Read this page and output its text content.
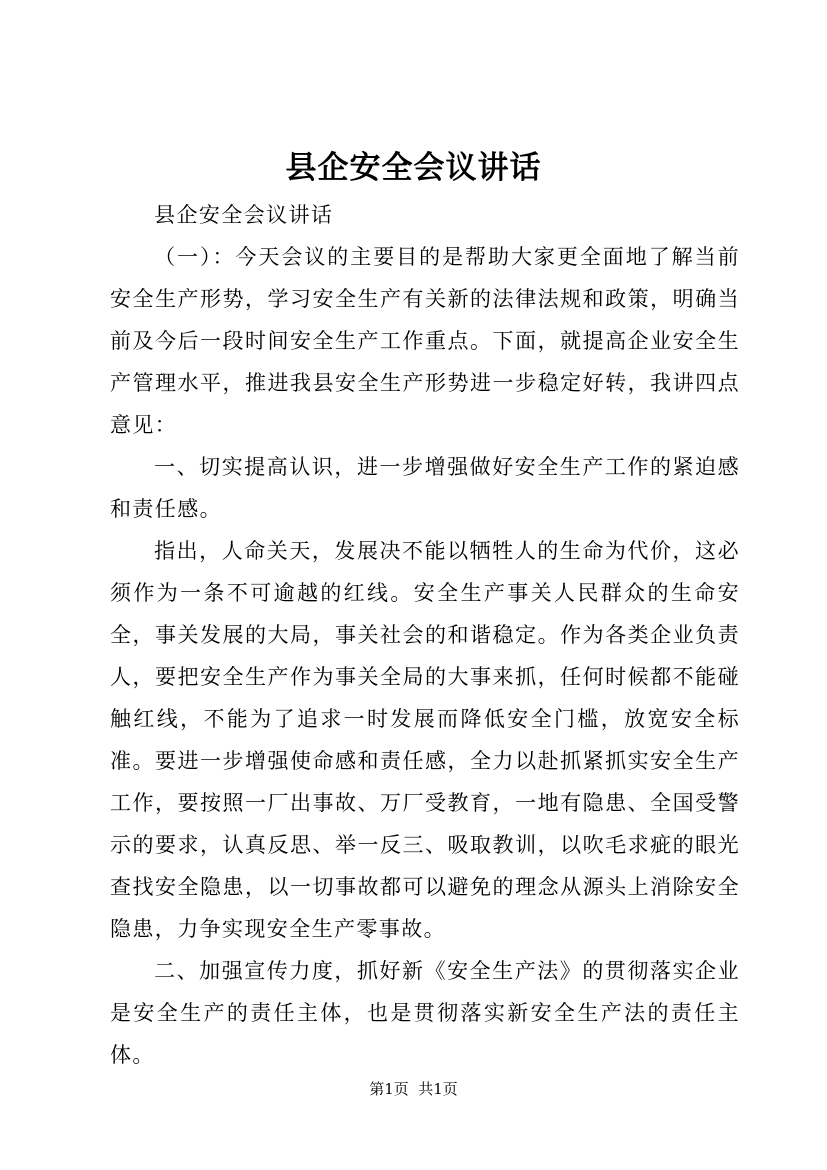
县企安全会议讲话

县企安全会议讲话

（一）：今天会议的主要目的是帮助大家更全面地了解当前安全生产形势，学习安全生产有关新的法律法规和政策，明确当前及今后一段时间安全生产工作重点。下面，就提高企业安全生产管理水平，推进我县安全生产形势进一步稳定好转，我讲四点意见：

一、切实提高认识，进一步增强做好安全生产工作的紧迫感和责任感。

指出，人命关天，发展决不能以牺牲人的生命为代价，这必须作为一条不可逾越的红线。安全生产事关人民群众的生命安全，事关发展的大局，事关社会的和谐稳定。作为各类企业负责人，要把安全生产作为事关全局的大事来抓，任何时候都不能碰触红线，不能为了追求一时发展而降低安全门槛，放宽安全标准。要进一步增强使命感和责任感，全力以赴抓紧抓实安全生产工作，要按照一厂出事故、万厂受教育，一地有隐患、全国受警示的要求，认真反思、举一反三、吸取教训，以吹毛求疵的眼光查找安全隐患，以一切事故都可以避免的理念从源头上消除安全隐患，力争实现安全生产零事故。

二、加强宣传力度，抓好新《安全生产法》的贯彻落实企业是安全生产的责任主体，也是贯彻落实新安全生产法的责任主体。

第1页  共1页
